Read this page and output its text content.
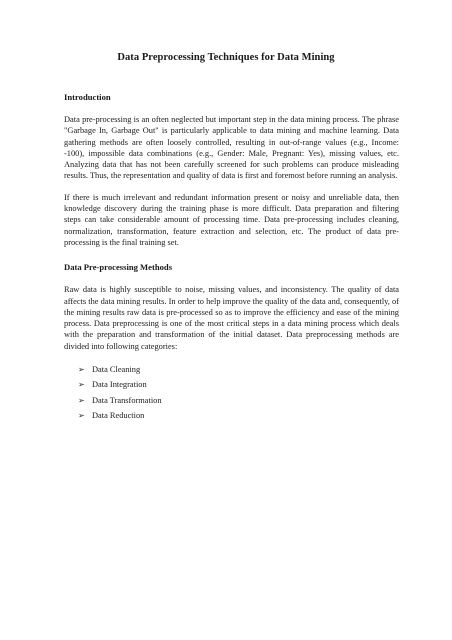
Data Preprocessing Techniques for Data Mining
Introduction

Data pre-processing is an often neglected but important step in the data mining process. The phrase "Garbage In, Garbage Out" is particularly applicable to data mining and machine learning. Data gathering methods are often loosely controlled, resulting in out-of-range values (e.g., Income: -100), impossible data combinations (e.g., Gender: Male, Pregnant: Yes), missing values, etc. Analyzing data that has not been carefully screened for such problems can produce misleading results. Thus, the representation and quality of data is first and foremost before running an analysis.

If there is much irrelevant and redundant information present or noisy and unreliable data, then knowledge discovery during the training phase is more difficult. Data preparation and filtering steps can take considerable amount of processing time. Data pre-processing includes cleaning, normalization, transformation, feature extraction and selection, etc. The product of data pre-processing is the final training set.

Data Pre-processing Methods

Raw data is highly susceptible to noise, missing values, and inconsistency. The quality of data affects the data mining results. In order to help improve the quality of the data and, consequently, of the mining results raw data is pre-processed so as to improve the efficiency and ease of the mining process. Data preprocessing is one of the most critical steps in a data mining process which deals with the preparation and transformation of the initial dataset. Data preprocessing methods are divided into following categories:

➢ Data Cleaning
➢ Data Integration
➢ Data Transformation
➢ Data Reduction
